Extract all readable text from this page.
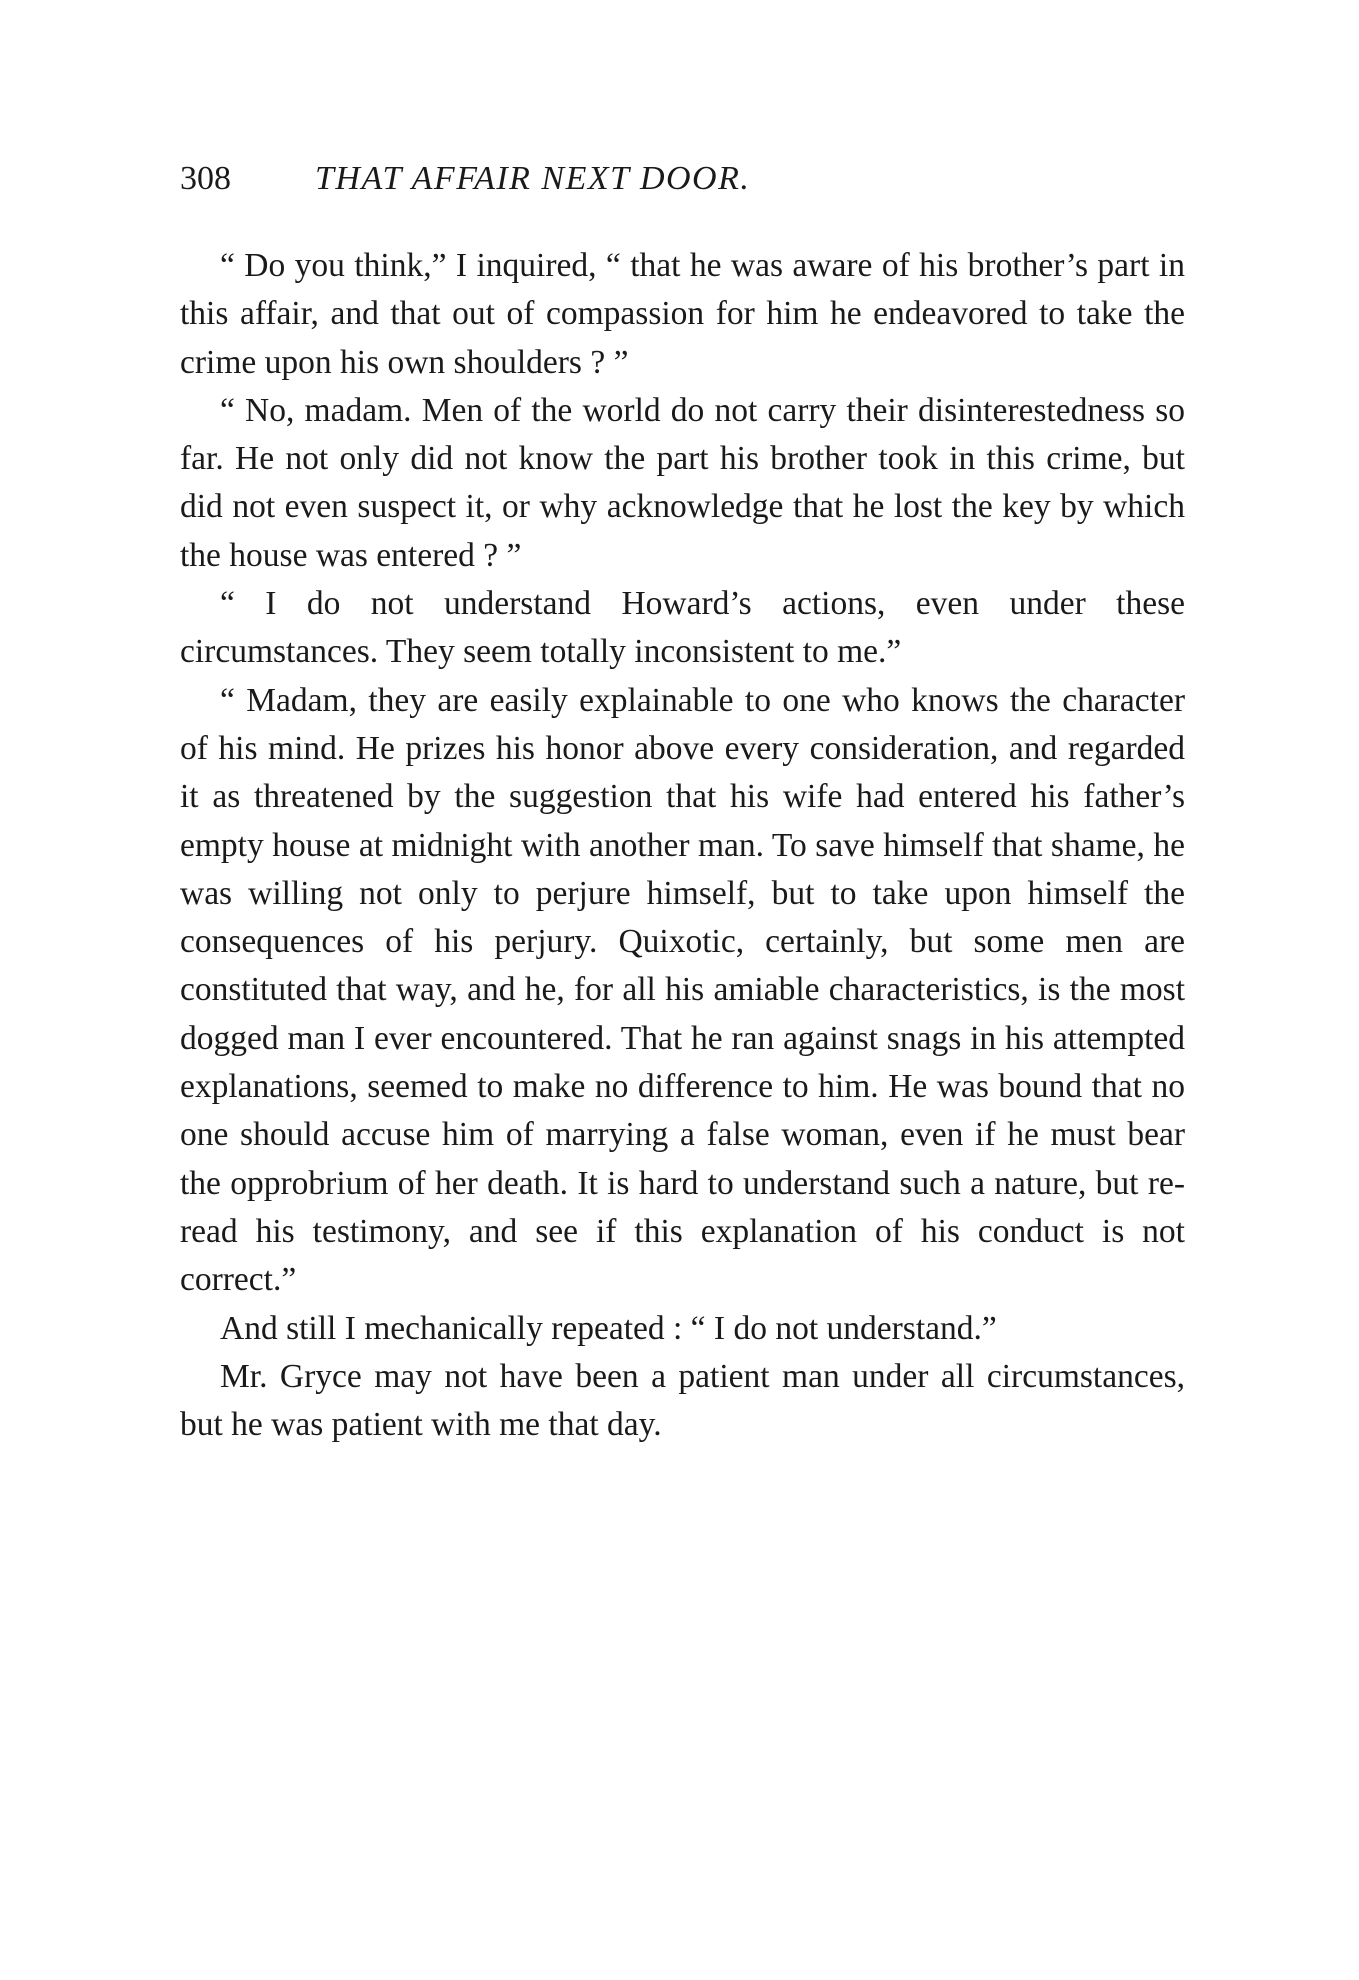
308 THAT AFFAIR NEXT DOOR.

“ Do you think,” I inquired, “ that he was aware of his brother’s part in this affair, and that out of compassion for him he endeavored to take the crime upon his own shoulders ? ”

“ No, madam. Men of the world do not carry their disinterestedness so far. He not only did not know the part his brother took in this crime, but did not even suspect it, or why acknowledge that he lost the key by which the house was entered ? ”

“ I do not understand Howard’s actions, even under these circumstances. They seem totally inconsistent to me.”

“ Madam, they are easily explainable to one who knows the character of his mind. He prizes his honor above every consideration, and regarded it as threatened by the suggestion that his wife had entered his father’s empty house at midnight with another man. To save himself that shame, he was willing not only to perjure himself, but to take upon himself the consequences of his perjury. Quixotic, certainly, but some men are constituted that way, and he, for all his amiable characteristics, is the most dogged man I ever encountered. That he ran against snags in his attempted explanations, seemed to make no difference to him. He was bound that no one should accuse him of marrying a false woman, even if he must bear the opprobrium of her death. It is hard to understand such a nature, but re-read his testimony, and see if this explanation of his conduct is not correct.”

And still I mechanically repeated : “ I do not understand.”

Mr. Gryce may not have been a patient man under all circumstances, but he was patient with me that day.
